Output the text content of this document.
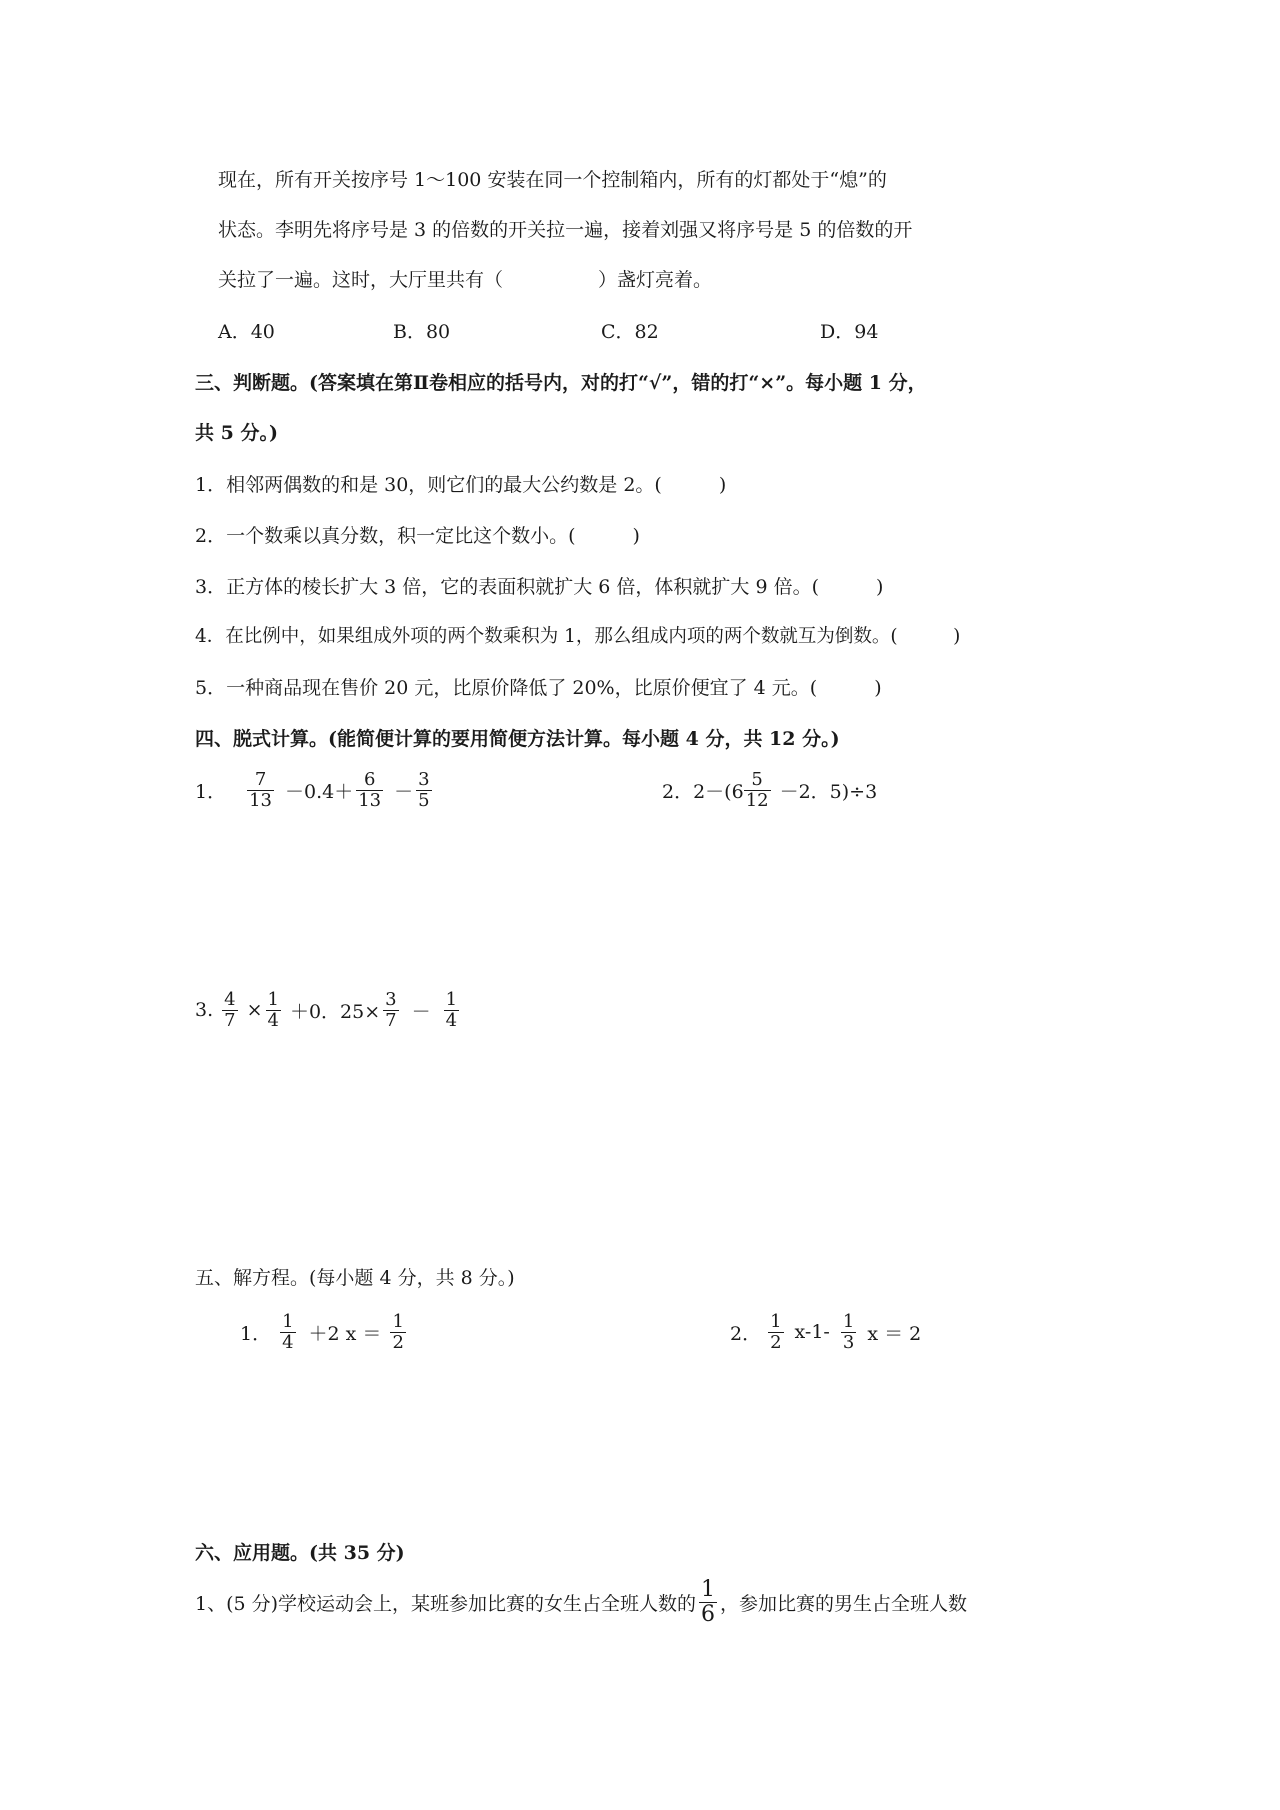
现在，所有开关按序号 1～100 安装在同一个控制箱内，所有的灯都处于“熄”的
状态。李明先将序号是 3 的倍数的开关拉一遍，接着刘强又将序号是 5 的倍数的开
关拉了一遍。这时，大厅里共有（　　　　　）盏灯亮着。
A．40	B．80	C．82	D．94
三、判断题。(答案填在第Ⅱ卷相应的括号内，对的打“√”，错的打“×”。每小题 1 分，
共 5 分。)
1．相邻两偶数的和是 30，则它们的最大公约数是 2。(　　　)
2．一个数乘以真分数，积一定比这个数小。(　　　)
3．正方体的棱长扩大 3 倍，它的表面积就扩大 6 倍，体积就扩大 9 倍。(　　　)
4．在比例中，如果组成外项的两个数乘积为 1，那么组成内项的两个数就互为倒数。(　　　)
5．一种商品现在售价 20 元，比原价降低了 20%，比原价便宜了 4 元。(　　　)
四、脱式计算。(能简便计算的要用简便方法计算。每小题 4 分，共 12 分。)
1． $\frac{7}{13} -0.4+ \frac{6}{13} - \frac{3}{5}$	2． $2-(6 \frac{5}{12} -2$．5)÷3
3. $\frac{4}{7} \times \frac{1}{4} +0$．$25\times \frac{3}{7} - \frac{1}{4}$
五、解方程。(每小题 4 分，共 8 分。)
1． $\frac{1}{4} +2$ $x = \frac{1}{2}$	2． $\frac{1}{2} x-1- \frac{1}{3}$ x ＝ 2
六、应用题。(共 35 分)
1、(5 分)学校运动会上，某班参加比赛的女生占全班人数的 $\frac{1}{6}$ ，参加比赛的男生占全班人数
